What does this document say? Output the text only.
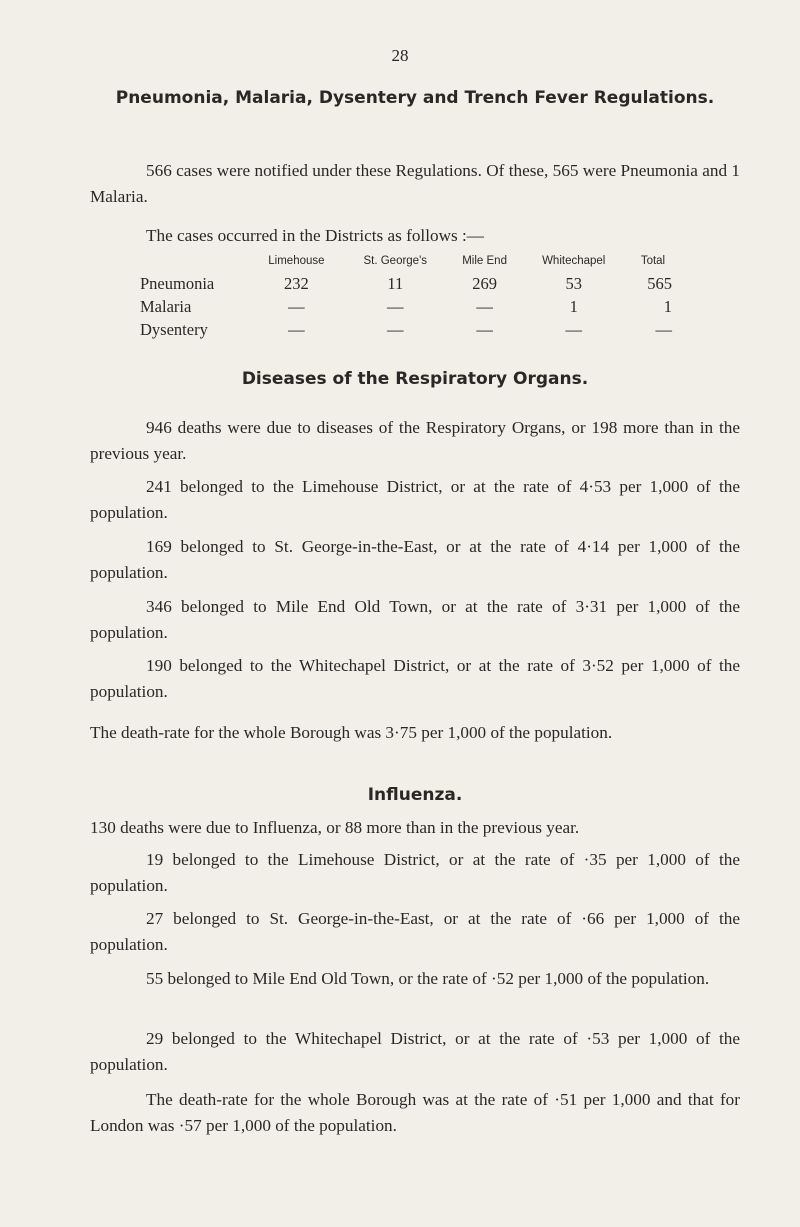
28
Pneumonia, Malaria, Dysentery and Trench Fever Regulations.
566 cases were notified under these Regulations. Of these, 565 were Pneumonia and 1 Malaria.
The cases occurred in the Districts as follows :—
	Limehouse	St. George's	Mile End	Whitechapel	Total
Pneumonia	232	11	269	53	565
Malaria	—	—	—	1	1
Dysentery	—	—	—	—	—
Diseases of the Respiratory Organs.
946 deaths were due to diseases of the Respiratory Organs, or 198 more than in the previous year.
241 belonged to the Limehouse District, or at the rate of 4·53 per 1,000 of the population.
169 belonged to St. George-in-the-East, or at the rate of 4·14 per 1,000 of the population.
346 belonged to Mile End Old Town, or at the rate of 3·31 per 1,000 of the population.
190 belonged to the Whitechapel District, or at the rate of 3·52 per 1,000 of the population.
The death-rate for the whole Borough was 3·75 per 1,000 of the population.
Influenza.
130 deaths were due to Influenza, or 88 more than in the previous year.
19 belonged to the Limehouse District, or at the rate of ·35 per 1,000 of the population.
27 belonged to St. George-in-the-East, or at the rate of ·66 per 1,000 of the population.
55 belonged to Mile End Old Town, or the rate of ·52 per 1,000 of the population.
29 belonged to the Whitechapel District, or at the rate of ·53 per 1,000 of the population.
The death-rate for the whole Borough was at the rate of ·51 per 1,000 and that for London was ·57 per 1,000 of the population.
